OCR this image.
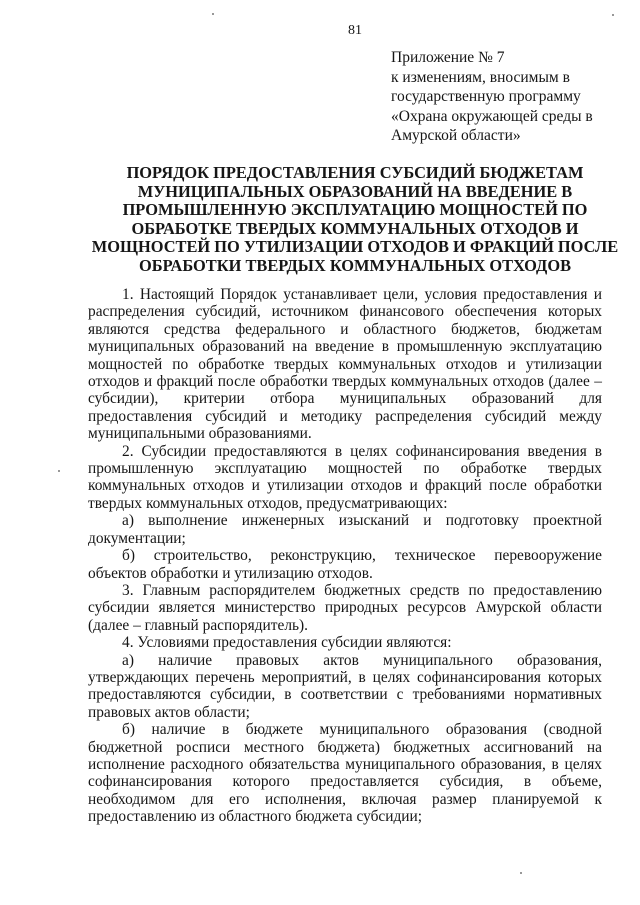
81
Приложение № 7
к изменениям, вносимым в
государственную программу
«Охрана окружающей среды в
Амурской области»
ПОРЯДОК ПРЕДОСТАВЛЕНИЯ СУБСИДИЙ БЮДЖЕТАМ
МУНИЦИПАЛЬНЫХ ОБРАЗОВАНИЙ НА ВВЕДЕНИЕ В
ПРОМЫШЛЕННУЮ ЭКСПЛУАТАЦИЮ МОЩНОСТЕЙ ПО
ОБРАБОТКЕ ТВЕРДЫХ КОММУНАЛЬНЫХ ОТХОДОВ И
МОЩНОСТЕЙ ПО УТИЛИЗАЦИИ ОТХОДОВ И ФРАКЦИЙ ПОСЛЕ
ОБРАБОТКИ ТВЕРДЫХ КОММУНАЛЬНЫХ ОТХОДОВ

1. Настоящий Порядок устанавливает цели, условия предоставления и распределения субсидий, источником финансового обеспечения которых являются средства федерального и областного бюджетов, бюджетам муниципальных образований на введение в промышленную эксплуатацию мощностей по обработке твердых коммунальных отходов и утилизации отходов и фракций после обработки твердых коммунальных отходов (далее – субсидии), критерии отбора муниципальных образований для предоставления субсидий и методику распределения субсидий между муниципальными образованиями.

2. Субсидии предоставляются в целях софинансирования введения в промышленную эксплуатацию мощностей по обработке твердых коммунальных отходов и утилизации отходов и фракций после обработки твердых коммунальных отходов, предусматривающих:

а) выполнение инженерных изысканий и подготовку проектной документации;

б) строительство, реконструкцию, техническое перевооружение объектов обработки и утилизацию отходов.

3. Главным распорядителем бюджетных средств по предоставлению субсидии является министерство природных ресурсов Амурской области (далее – главный распорядитель).

4. Условиями предоставления субсидии являются:

а) наличие правовых актов муниципального образования, утверждающих перечень мероприятий, в целях софинансирования которых предоставляются субсидии, в соответствии с требованиями нормативных правовых актов области;

б) наличие в бюджете муниципального образования (сводной бюджетной росписи местного бюджета) бюджетных ассигнований на исполнение расходного обязательства муниципального образования, в целях софинансирования которого предоставляется субсидия, в объеме, необходимом для его исполнения, включая размер планируемой к предоставлению из областного бюджета субсидии;
